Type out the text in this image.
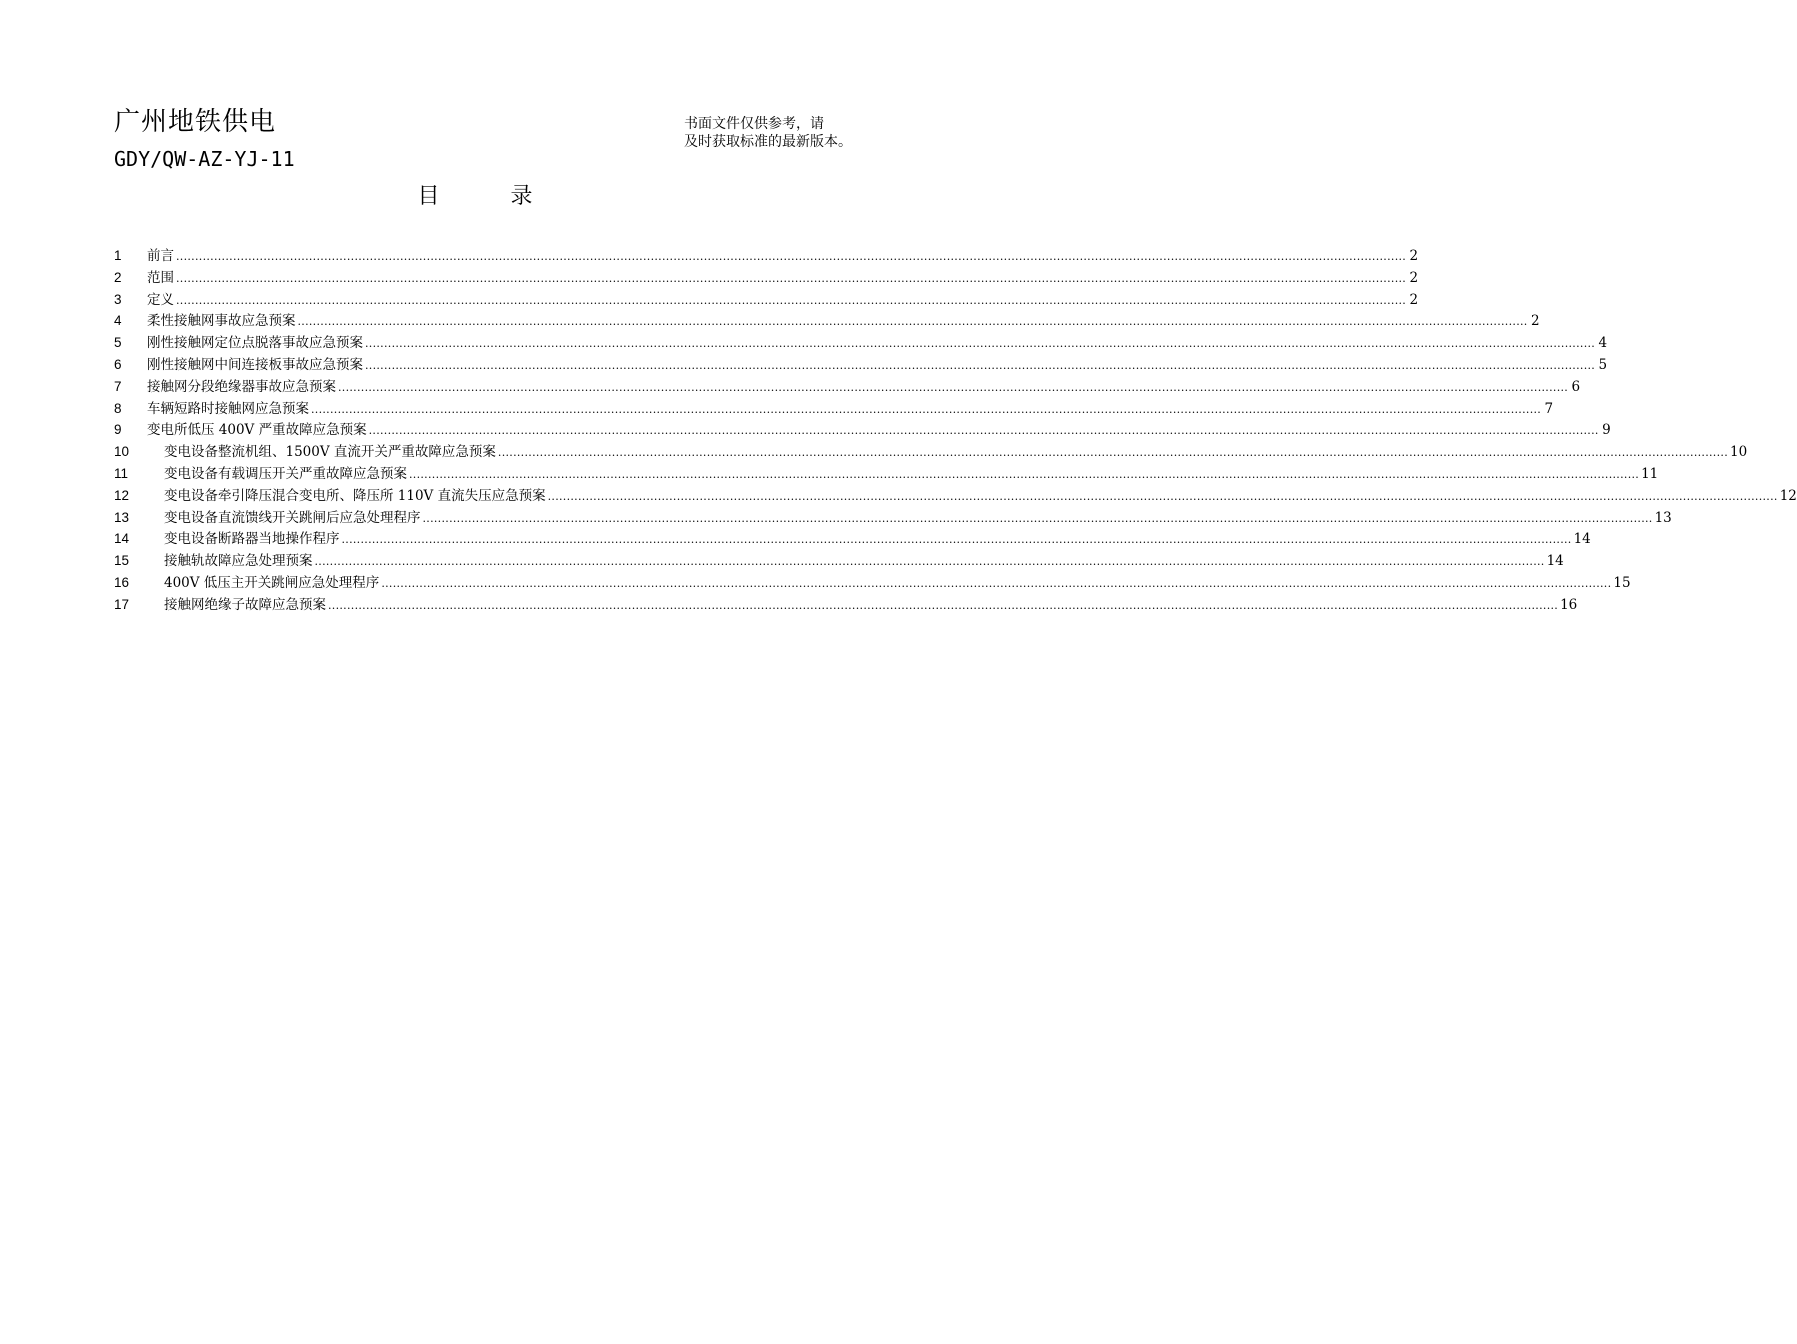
广州地铁供电
GDY/QW-AZ-YJ-11
书面文件仅供参考，请
及时获取标准的最新版本。
目 录
1	前言 .....	2
2	范围 .....	2
3	定义 .....	2
4	柔性接触网事故应急预案 .....	2
5	刚性接触网定位点脱落事故应急预案 .....	4
6	刚性接触网中间连接板事故应急预案 .....	5
7	接触网分段绝缘器事故应急预案 .....	6
8	车辆短路时接触网应急预案 .....	7
9	变电所低压 400V 严重故障应急预案 .....	9
10	变电设备整流机组、1500V 直流开关严重故障应急预案 .....	10
11	变电设备有载调压开关严重故障应急预案 .....	11
12	变电设备牵引降压混合变电所、降压所 110V 直流失压应急预案 .....	12
13	变电设备直流馈线开关跳闸后应急处理程序 .....	13
14	变电设备断路器当地操作程序 .....	14
15	接触轨故障应急处理预案 .....	14
16	400V 低压主开关跳闸应急处理程序 .....	15
17	接触网绝缘子故障应急预案 .....	16
